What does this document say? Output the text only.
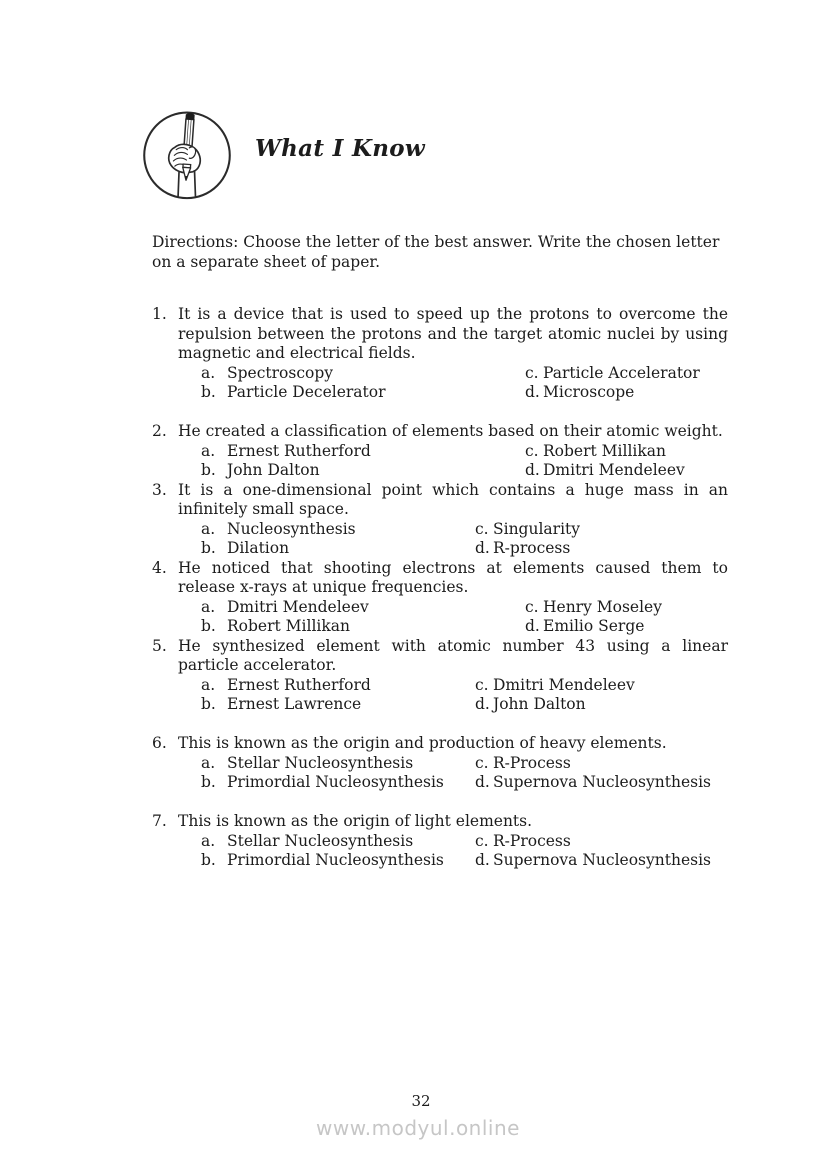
What I Know

Directions: Choose the letter of the best answer. Write the chosen letter on a separate sheet of paper.

1. It is a device that is used to speed up the protons to overcome the repulsion between the protons and the target atomic nuclei by using magnetic and electrical fields.
a. Spectroscopy	c. Particle Accelerator
b. Particle Decelerator	d. Microscope
2. He created a classification of elements based on their atomic weight.
a. Ernest Rutherford	c. Robert Millikan
b. John Dalton	d. Dmitri Mendeleev
3. It is a one-dimensional point which contains a huge mass in an infinitely small space.
a. Nucleosynthesis	c. Singularity
b. Dilation	d. R-process
4. He noticed that shooting electrons at elements caused them to release x-rays at unique frequencies.
a. Dmitri Mendeleev	c. Henry Moseley
b. Robert Millikan	d. Emilio Serge
5. He synthesized element with atomic number 43 using a linear particle accelerator.
a. Ernest Rutherford	c. Dmitri Mendeleev
b. Ernest Lawrence	d. John Dalton
6. This is known as the origin and production of heavy elements.
a. Stellar Nucleosynthesis	c. R-Process
b. Primordial Nucleosynthesis d. Supernova Nucleosynthesis
7. This is known as the origin of light elements.
a. Stellar Nucleosynthesis	c. R-Process
b. Primordial Nucleosynthesis d. Supernova Nucleosynthesis
32
www.modyul.online
